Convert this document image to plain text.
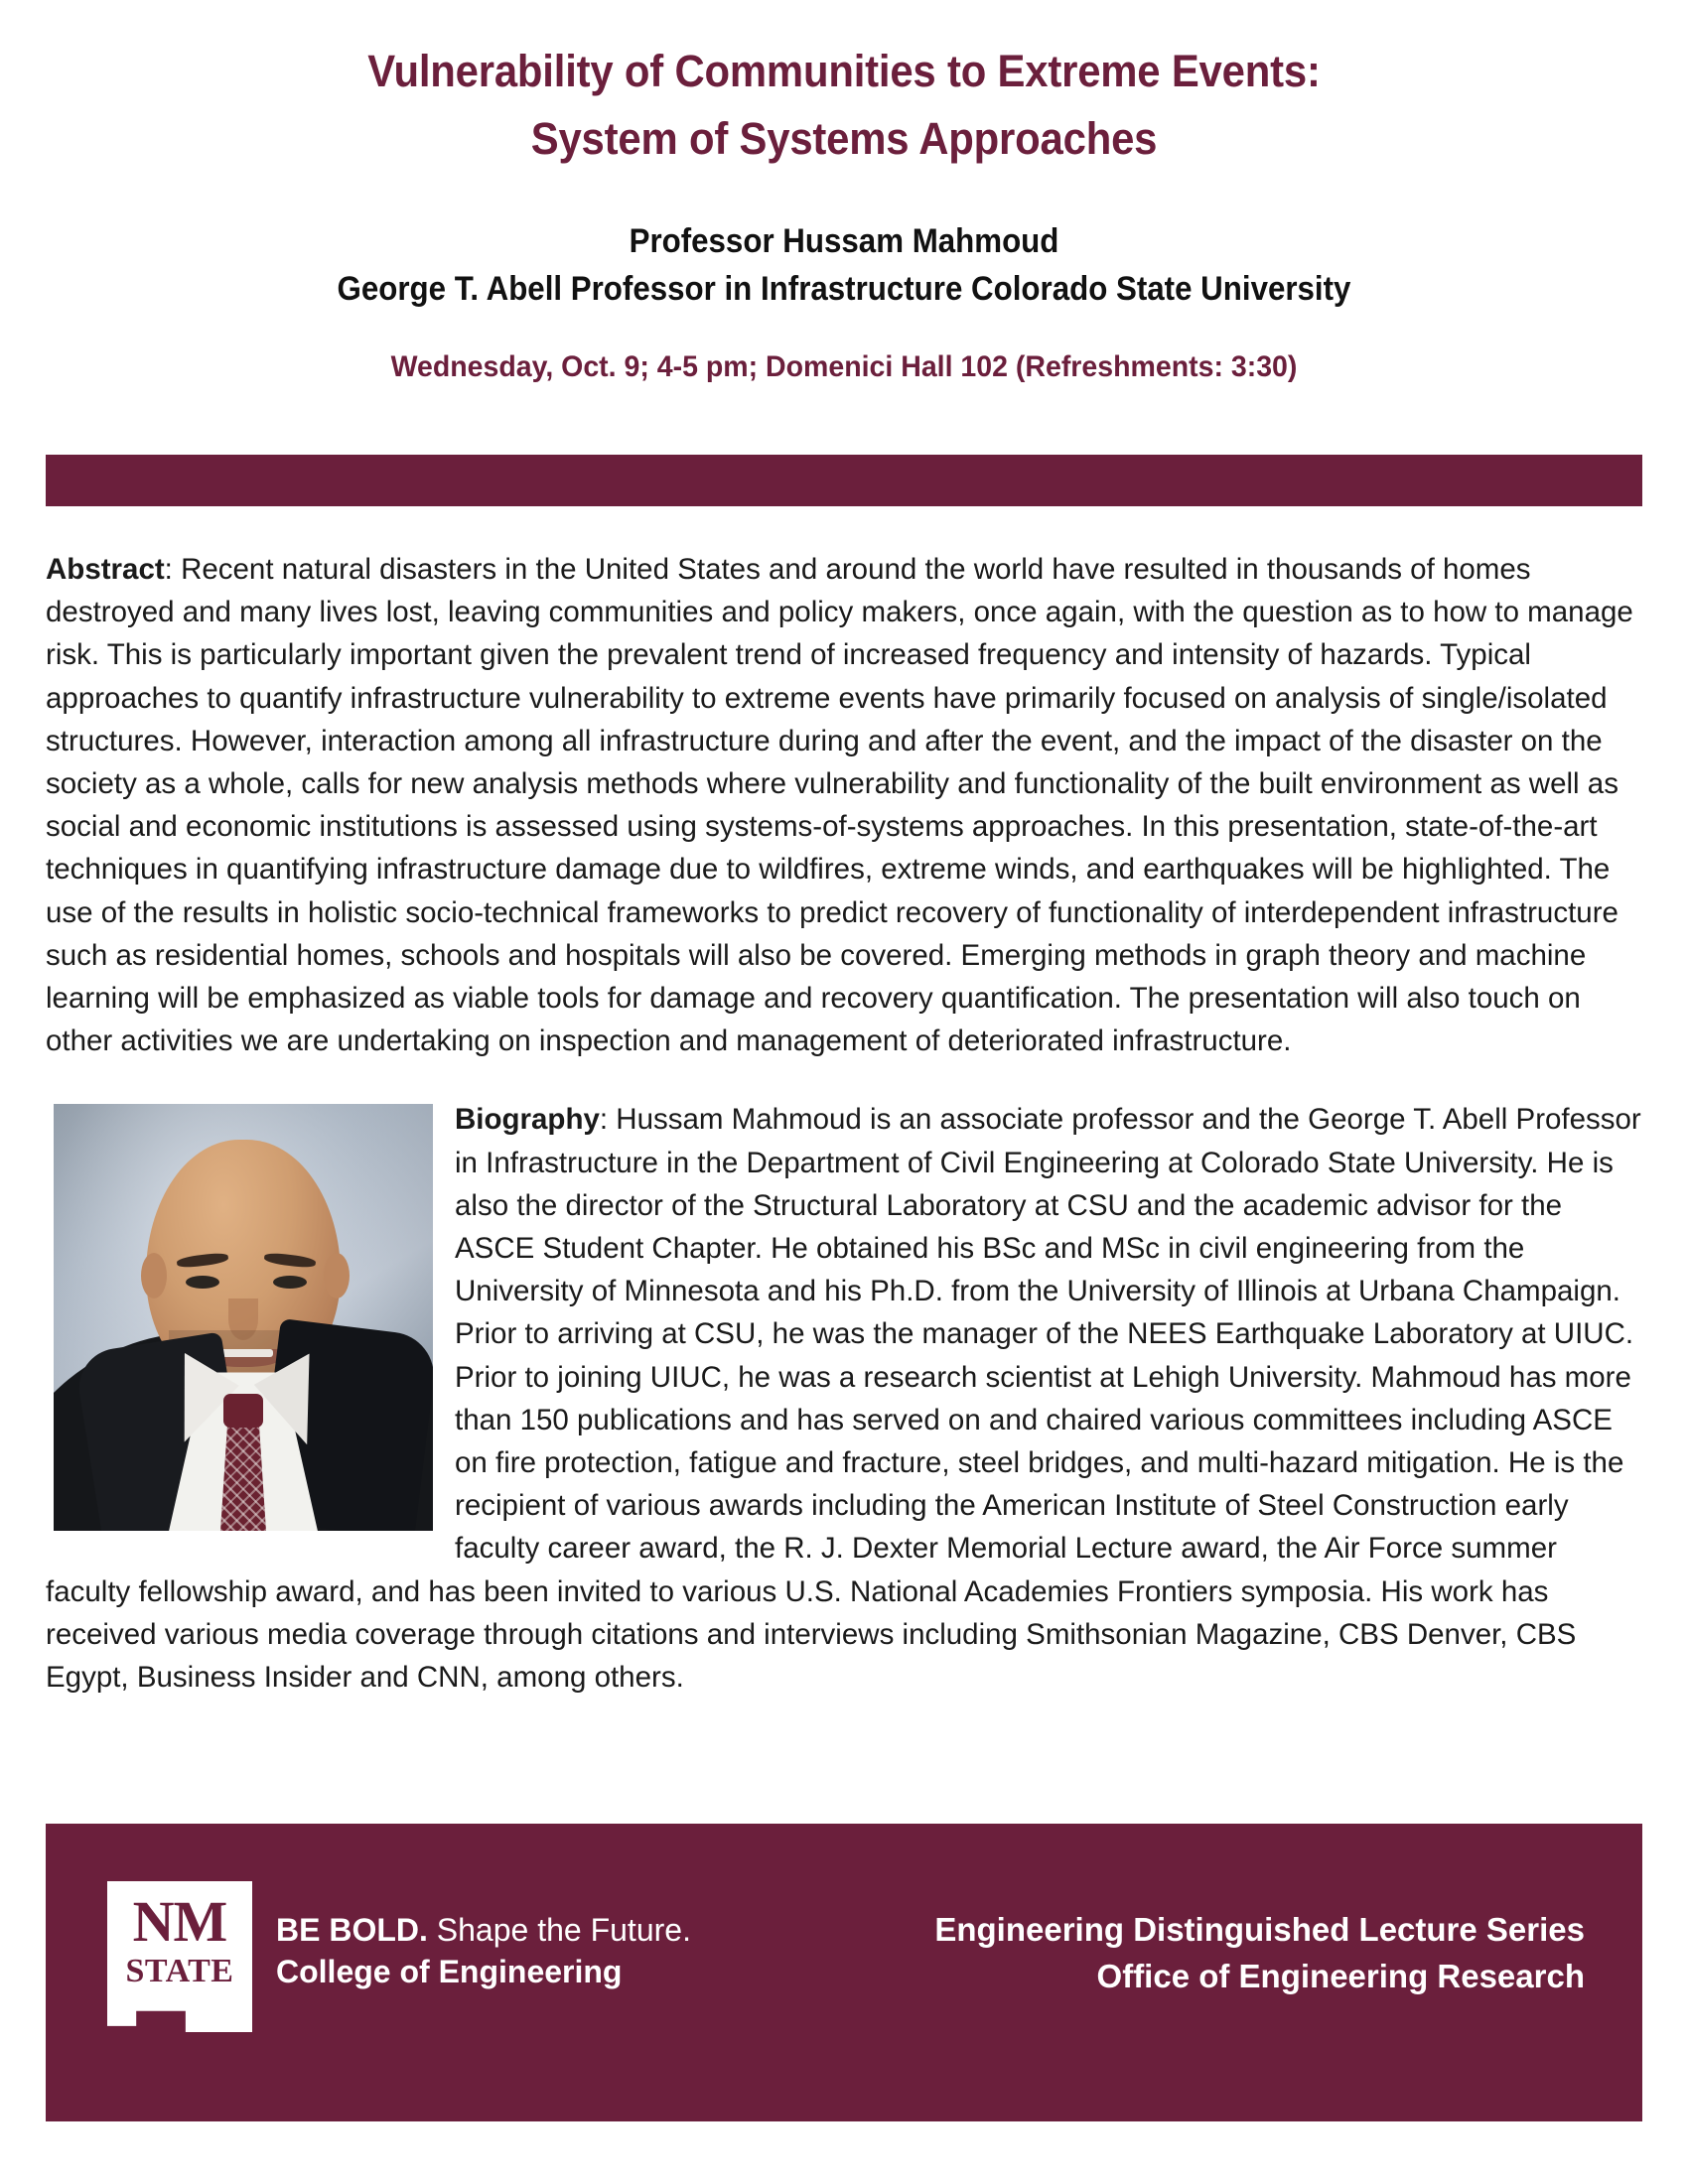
Vulnerability of Communities to Extreme Events:
System of Systems Approaches
Professor Hussam Mahmoud
George T. Abell Professor in Infrastructure Colorado State University
Wednesday, Oct. 9; 4-5 pm; Domenici Hall 102 (Refreshments: 3:30)

Abstract: Recent natural disasters in the United States and around the world have resulted in thousands of homes destroyed and many lives lost, leaving communities and policy makers, once again, with the question as to how to manage risk. This is particularly important given the prevalent trend of increased frequency and intensity of hazards. Typical approaches to quantify infrastructure vulnerability to extreme events have primarily focused on analysis of single/isolated structures. However, interaction among all infrastructure during and after the event, and the impact of the disaster on the society as a whole, calls for new analysis methods where vulnerability and functionality of the built environment as well as social and economic institutions is assessed using systems-of-systems approaches. In this presentation, state-of-the-art techniques in quantifying infrastructure damage due to wildfires, extreme winds, and earthquakes will be highlighted. The use of the results in holistic socio-technical frameworks to predict recovery of functionality of interdependent infrastructure such as residential homes, schools and hospitals will also be covered. Emerging methods in graph theory and machine learning will be emphasized as viable tools for damage and recovery quantification. The presentation will also touch on other activities we are undertaking on inspection and management of deteriorated infrastructure.

Biography: Hussam Mahmoud is an associate professor and the George T. Abell Professor in Infrastructure in the Department of Civil Engineering at Colorado State University. He is also the director of the Structural Laboratory at CSU and the academic advisor for the ASCE Student Chapter. He obtained his BSc and MSc in civil engineering from the University of Minnesota and his Ph.D. from the University of Illinois at Urbana Champaign. Prior to arriving at CSU, he was the manager of the NEES Earthquake Laboratory at UIUC. Prior to joining UIUC, he was a research scientist at Lehigh University. Mahmoud has more than 150 publications and has served on and chaired various committees including ASCE on fire protection, fatigue and fracture, steel bridges, and multi-hazard mitigation. He is the recipient of various awards including the American Institute of Steel Construction early faculty career award, the R. J. Dexter Memorial Lecture award, the Air Force summer faculty fellowship award, and has been invited to various U.S. National Academies Frontiers symposia. His work has received various media coverage through citations and interviews including Smithsonian Magazine, CBS Denver, CBS Egypt, Business Insider and CNN, among others.

NM
STATE
BE BOLD. Shape the Future.
College of Engineering
Engineering Distinguished Lecture Series
Office of Engineering Research
